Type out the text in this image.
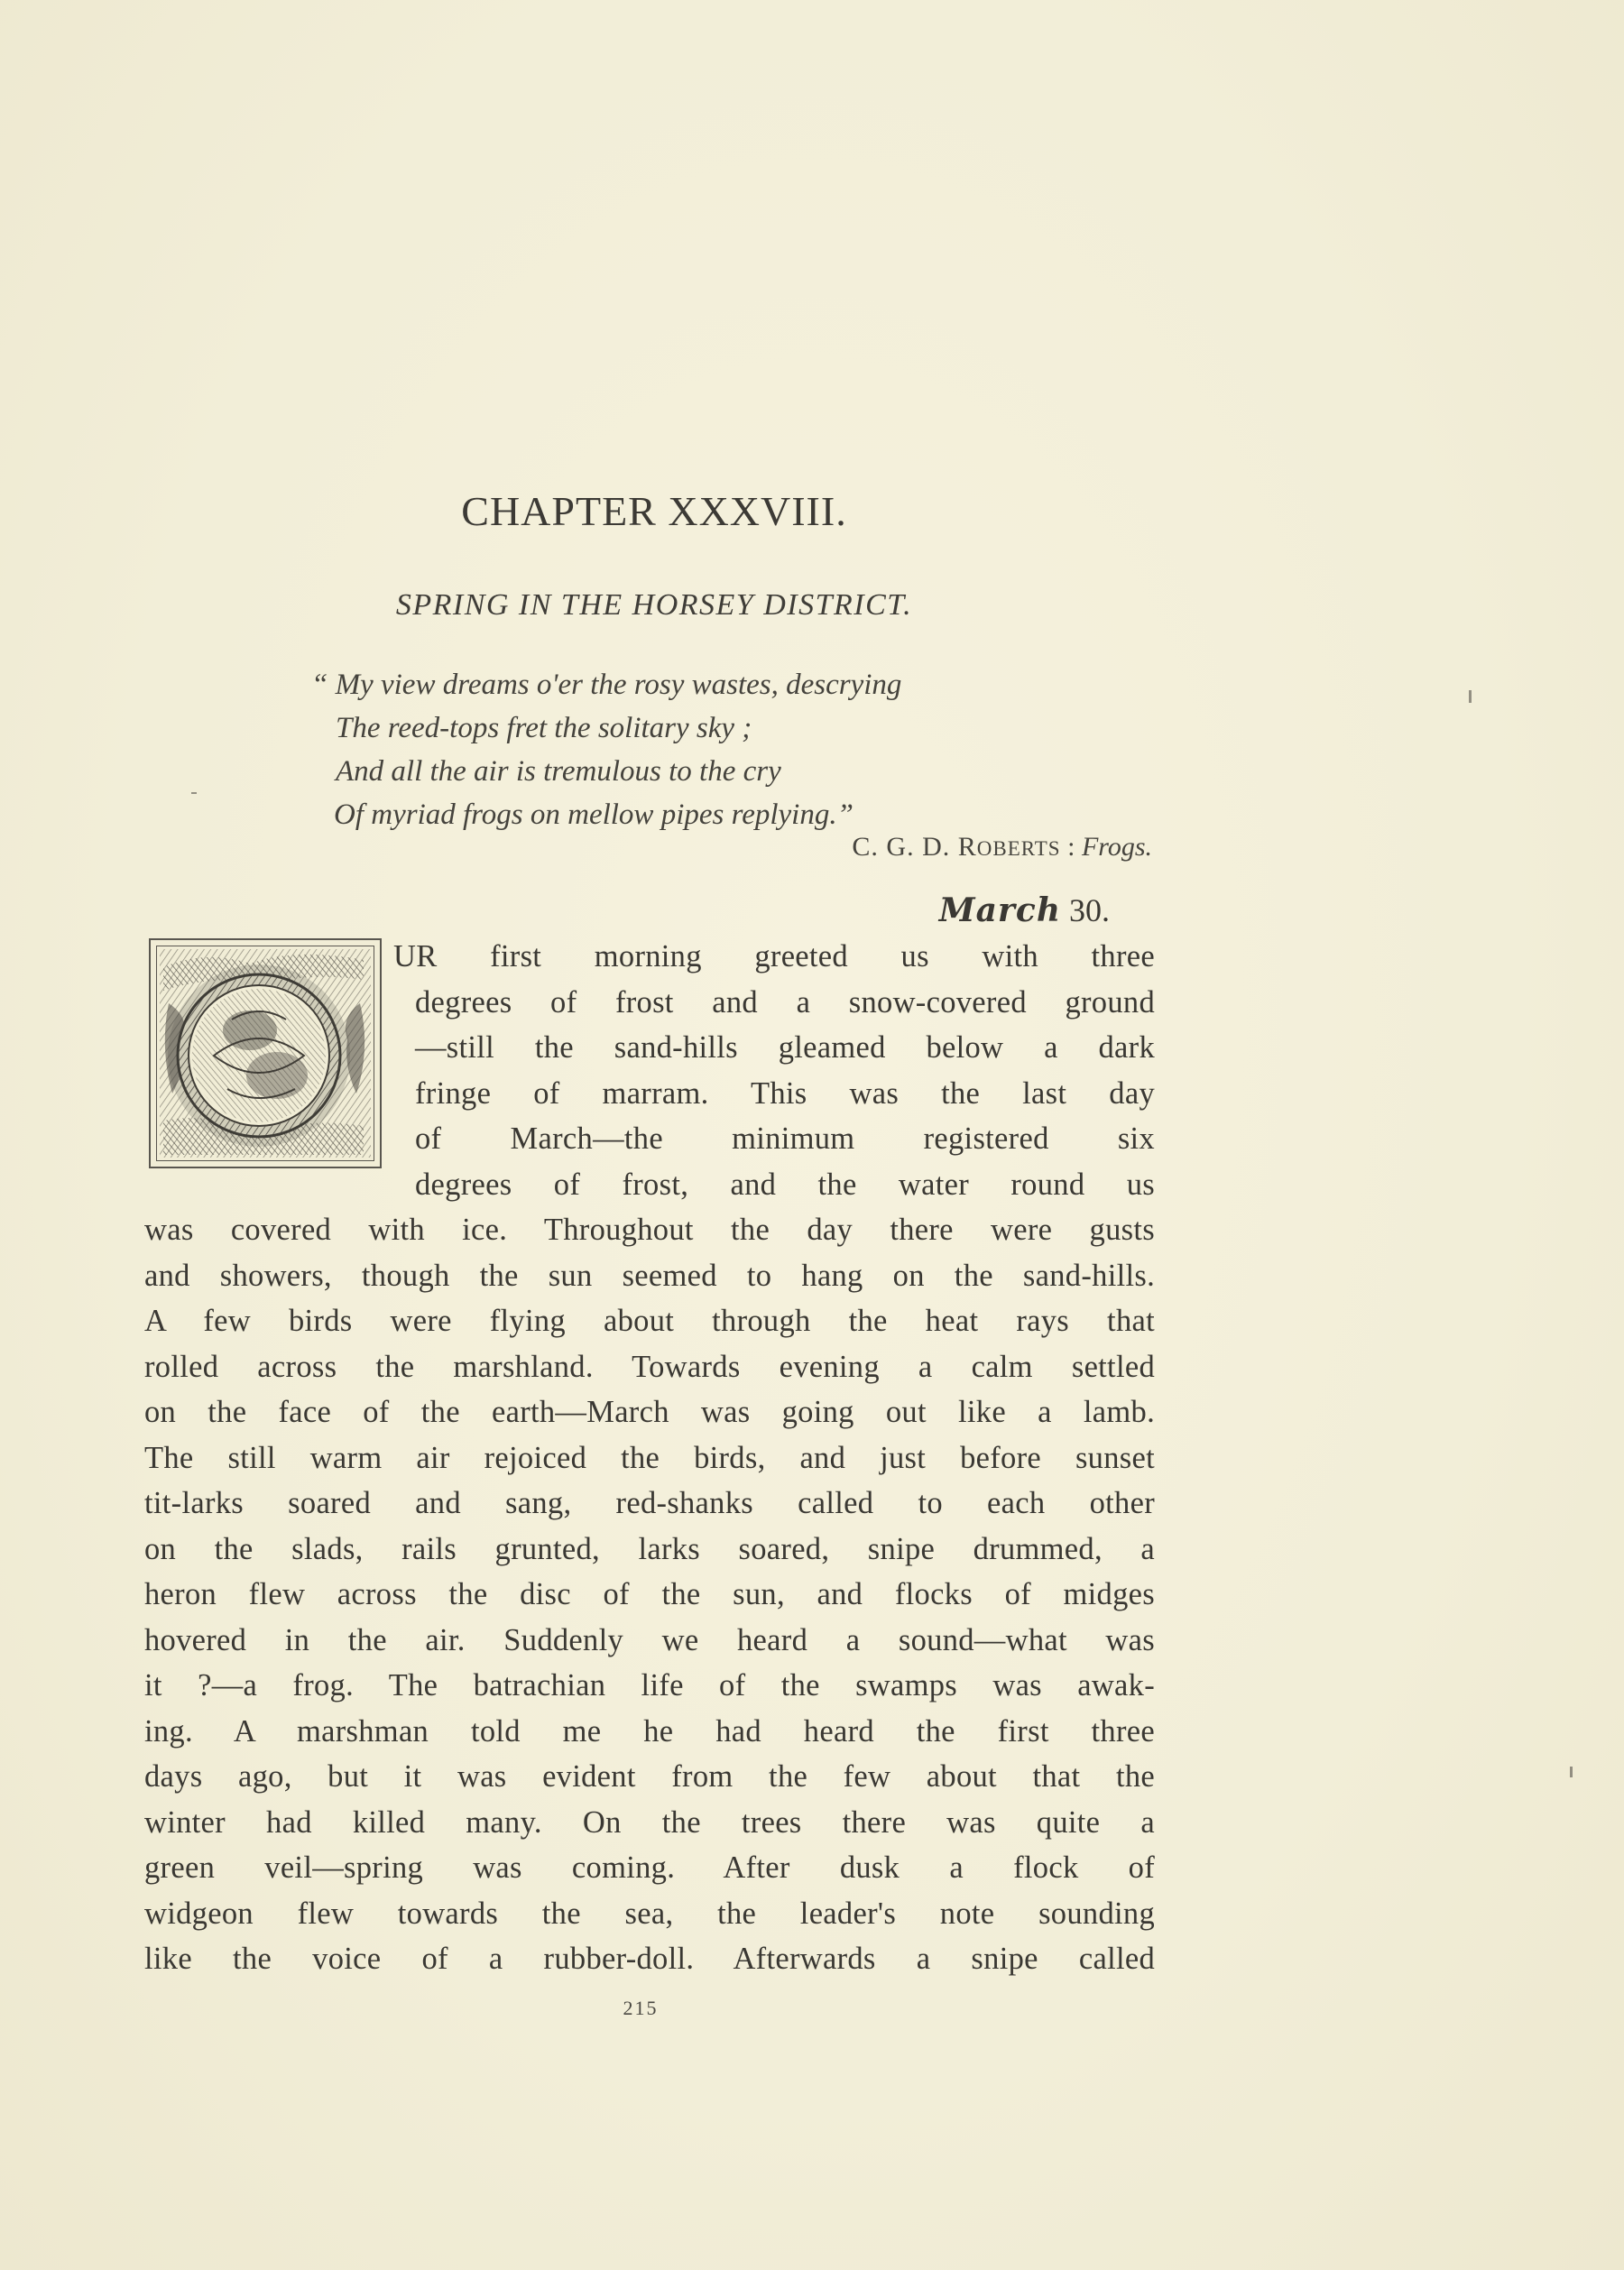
CHAPTER XXXVIII.
SPRING IN THE HORSEY DISTRICT.
“ My view dreams o'er the rosy wastes, descrying
The reed-tops fret the solitary sky ;
And all the air is tremulous to the cry
Of myriad frogs on mellow pipes replying.”
C. G. D. ROBERTS : Frogs.
March 30.
UR first morning greeted us with three
degrees of frost and a snow-covered ground
—still the sand-hills gleamed below a dark
fringe of marram. This was the last day
of March—the minimum registered six
degrees of frost, and the water round us
was covered with ice. Throughout the day there were gusts
and showers, though the sun seemed to hang on the sand-hills.
A few birds were flying about through the heat rays that
rolled across the marshland. Towards evening a calm settled
on the face of the earth—March was going out like a lamb.
The still warm air rejoiced the birds, and just before sunset
tit-larks soared and sang, red-shanks called to each other
on the slads, rails grunted, larks soared, snipe drummed, a
heron flew across the disc of the sun, and flocks of midges
hovered in the air. Suddenly we heard a sound—what was
it ?—a frog. The batrachian life of the swamps was awak-
ing. A marshman told me he had heard the first three
days ago, but it was evident from the few about that the
winter had killed many. On the trees there was quite a
green veil—spring was coming. After dusk a flock of
widgeon flew towards the sea, the leader's note sounding
like the voice of a rubber-doll. Afterwards a snipe called
215
